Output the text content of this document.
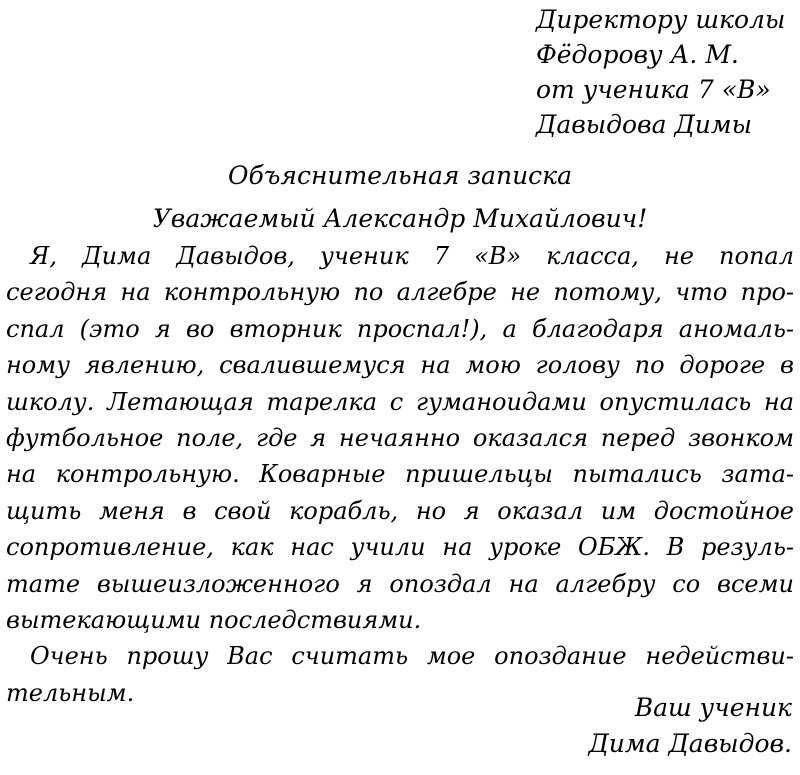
Директору школы
Фёдорову А. М.
от ученика 7 «В»
Давыдова Димы
Объяснительная записка
Уважаемый Александр Михайлович!
Я, Дима Давыдов, ученик 7 «В» класса, не попал
сегодня на контрольную по алгебре не потому, что про-
спал (это я во вторник проспал!), а благодаря аномаль-
ному явлению, свалившемуся на мою голову по дороге в
школу. Летающая тарелка с гуманоидами опустилась на
футбольное поле, где я нечаянно оказался перед звонком
на контрольную. Коварные пришельцы пытались зата-
щить меня в свой корабль, но я оказал им достойное
сопротивление, как нас учили на уроке ОБЖ. В резуль-
тате вышеизложенного я опоздал на алгебру со всеми
вытекающими последствиями.
Очень прошу Вас считать мое опоздание недействи-
тельным.
Ваш ученик
Дима Давыдов.
